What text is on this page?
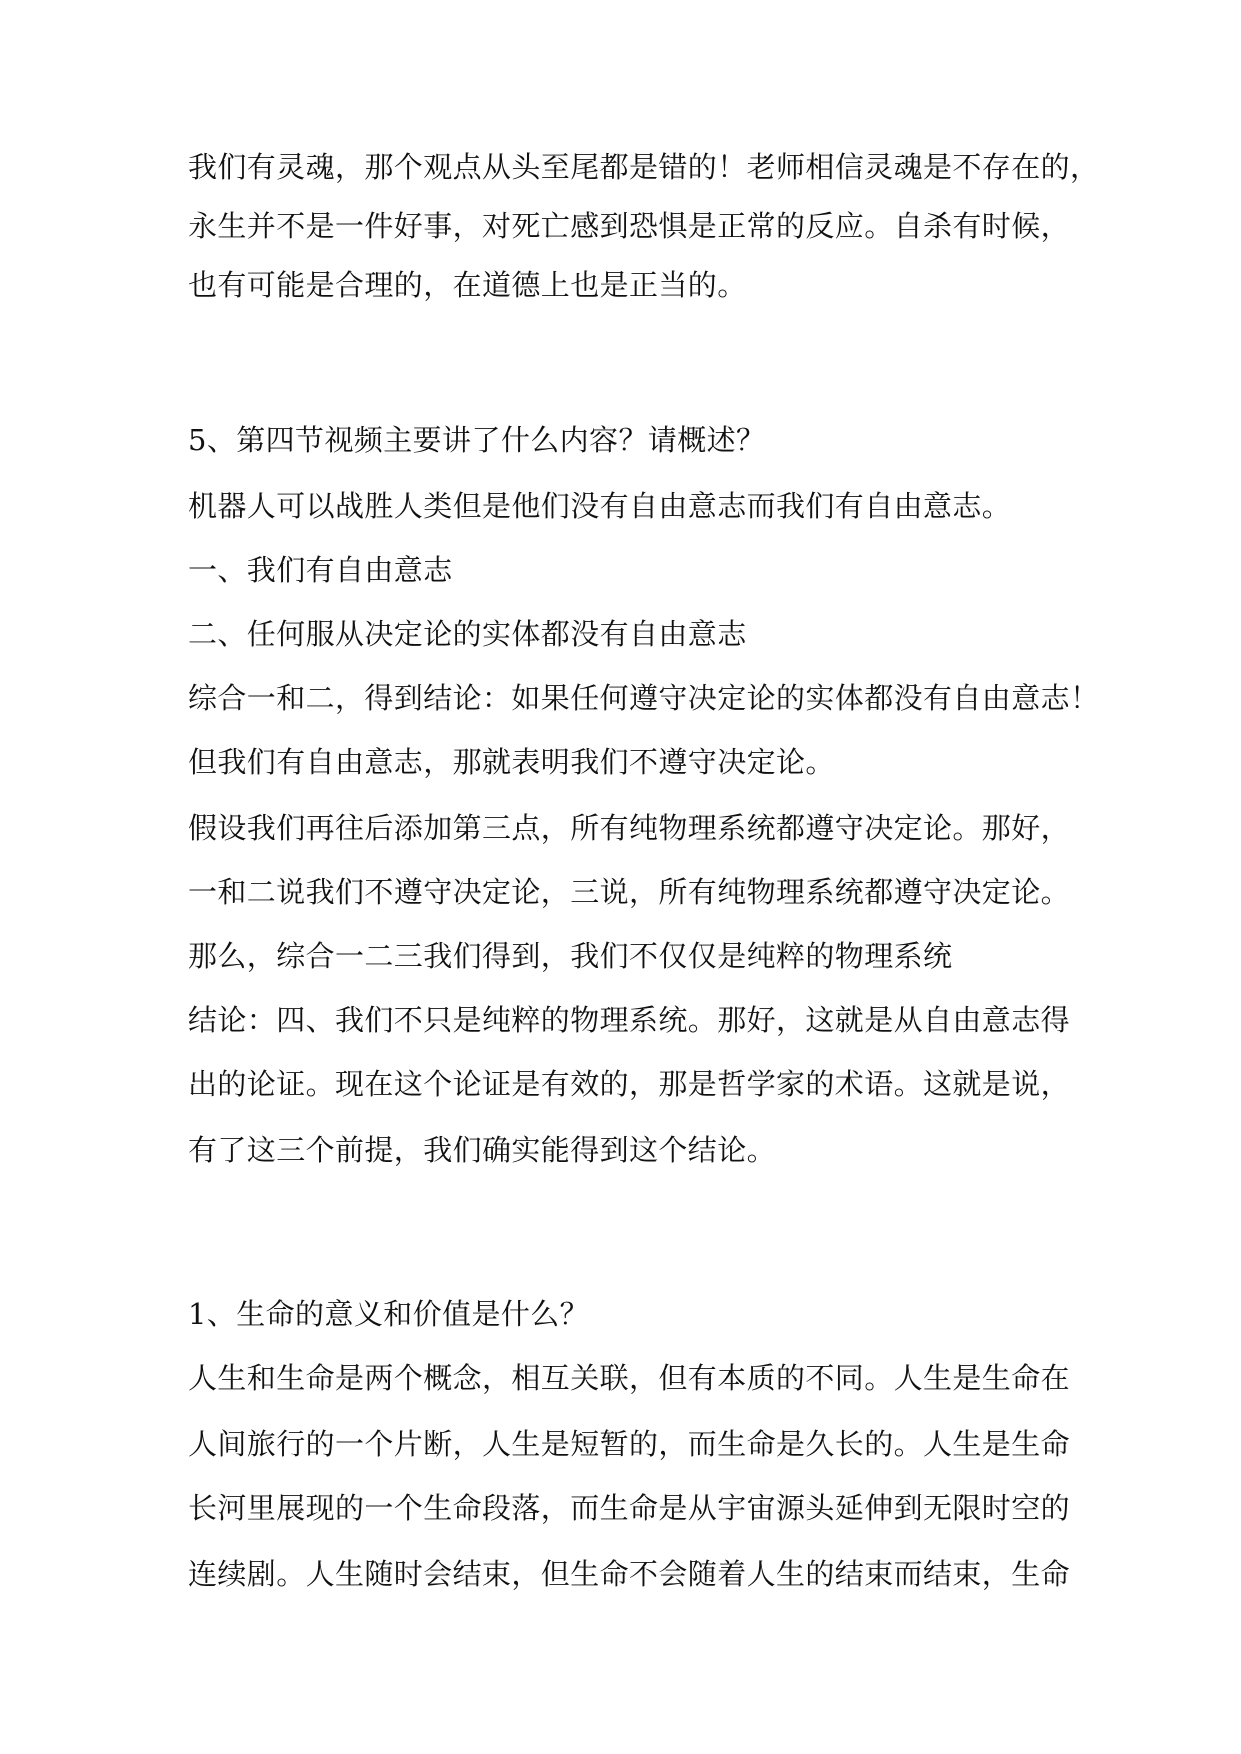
我们有灵魂，那个观点从头至尾都是错的！老师相信灵魂是不存在的，
永生并不是一件好事，对死亡感到恐惧是正常的反应。自杀有时候，
也有可能是合理的，在道德上也是正当的。
5、第四节视频主要讲了什么内容？请概述？
机器人可以战胜人类但是他们没有自由意志而我们有自由意志。
一、我们有自由意志
二、任何服从决定论的实体都没有自由意志
综合一和二，得到结论：如果任何遵守决定论的实体都没有自由意志！
但我们有自由意志，那就表明我们不遵守决定论。
假设我们再往后添加第三点，所有纯物理系统都遵守决定论。那好，
一和二说我们不遵守决定论，三说，所有纯物理系统都遵守决定论。
那么，综合一二三我们得到，我们不仅仅是纯粹的物理系统
结论：四、我们不只是纯粹的物理系统。那好，这就是从自由意志得
出的论证。现在这个论证是有效的，那是哲学家的术语。这就是说，
有了这三个前提，我们确实能得到这个结论。
1、生命的意义和价值是什么？
人生和生命是两个概念，相互关联，但有本质的不同。人生是生命在
人间旅行的一个片断，人生是短暂的，而生命是久长的。人生是生命
长河里展现的一个生命段落，而生命是从宇宙源头延伸到无限时空的
连续剧。人生随时会结束，但生命不会随着人生的结束而结束，生命
